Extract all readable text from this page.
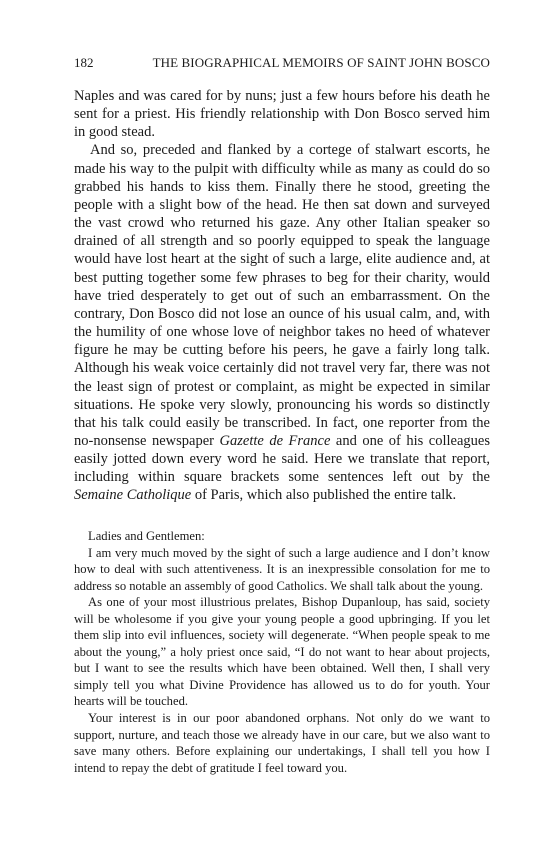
182	THE BIOGRAPHICAL MEMOIRS OF SAINT JOHN BOSCO

Naples and was cared for by nuns; just a few hours before his death he sent for a priest. His friendly relationship with Don Bosco served him in good stead.

And so, preceded and flanked by a cortege of stalwart escorts, he made his way to the pulpit with difficulty while as many as could do so grabbed his hands to kiss them. Finally there he stood, greeting the people with a slight bow of the head. He then sat down and surveyed the vast crowd who returned his gaze. Any other Italian speaker so drained of all strength and so poorly equipped to speak the language would have lost heart at the sight of such a large, elite audience and, at best putting together some few phrases to beg for their charity, would have tried desperately to get out of such an embarrassment. On the contrary, Don Bosco did not lose an ounce of his usual calm, and, with the humility of one whose love of neighbor takes no heed of whatever figure he may be cutting before his peers, he gave a fairly long talk. Although his weak voice certainly did not travel very far, there was not the least sign of protest or complaint, as might be expected in similar situations. He spoke very slowly, pronouncing his words so distinctly that his talk could easily be transcribed. In fact, one reporter from the no-nonsense newspaper Gazette de France and one of his colleagues easily jotted down every word he said. Here we translate that report, including within square brackets some sentences left out by the Semaine Catholique of Paris, which also published the entire talk.

Ladies and Gentlemen:

I am very much moved by the sight of such a large audience and I don’t know how to deal with such attentiveness. It is an inexpressible consolation for me to address so notable an assembly of good Catholics. We shall talk about the young.

As one of your most illustrious prelates, Bishop Dupanloup, has said, society will be wholesome if you give your young people a good upbringing. If you let them slip into evil influences, society will degenerate. “When people speak to me about the young,” a holy priest once said, “I do not want to hear about projects, but I want to see the results which have been obtained. Well then, I shall very simply tell you what Divine Providence has allowed us to do for youth. Your hearts will be touched.

Your interest is in our poor abandoned orphans. Not only do we want to support, nurture, and teach those we already have in our care, but we also want to save many others. Before explaining our undertakings, I shall tell you how I intend to repay the debt of gratitude I feel toward you.
